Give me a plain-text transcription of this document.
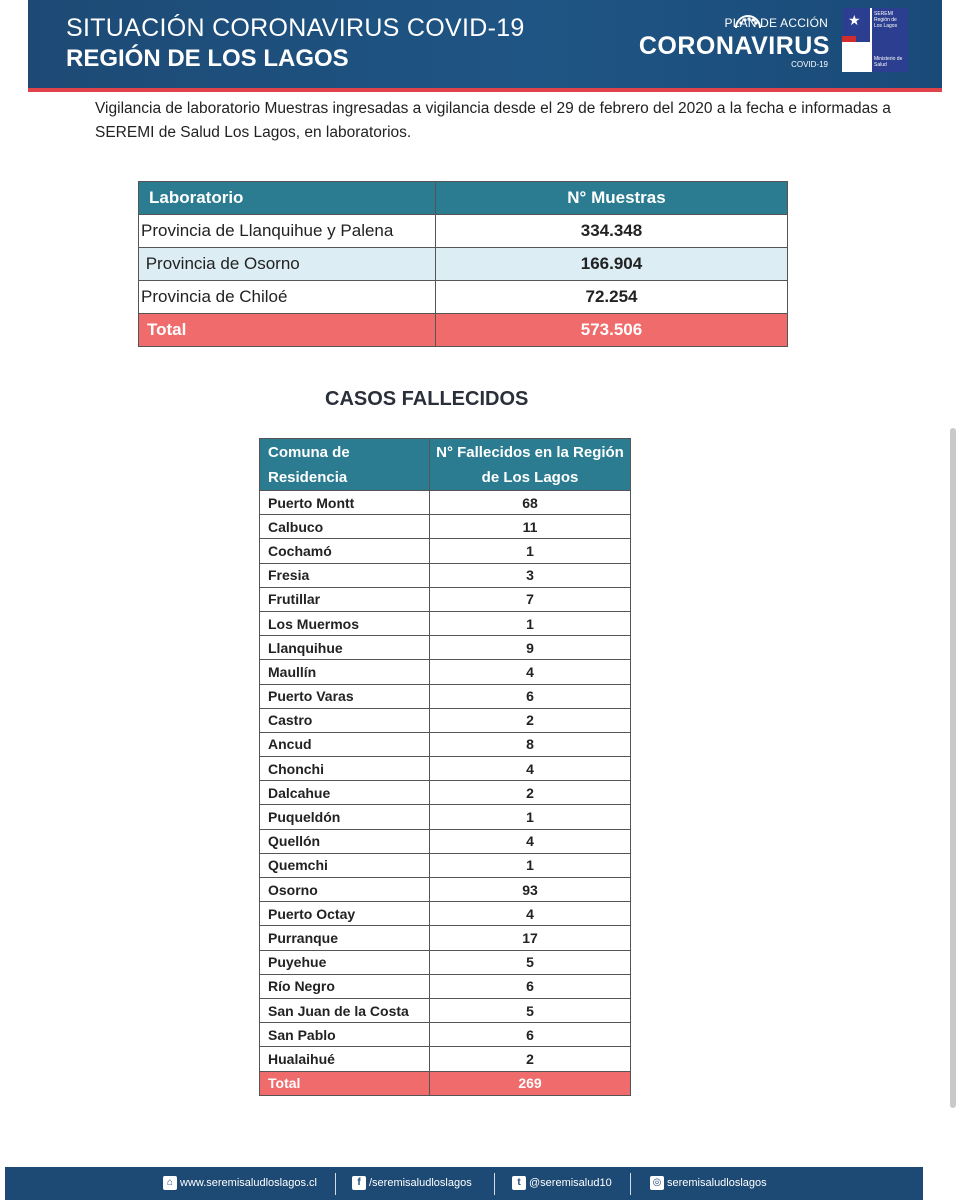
SITUACIÓN CORONAVIRUS COVID-19
REGIÓN DE LOS LAGOS
PLAN DE ACCIÓN
CORONAVIRUS
COVID-19
★	SEREMI Región de Los Lagos
Ministerio de Salud

Vigilancia de laboratorio Muestras ingresadas a vigilancia desde el 29 de febrero del 2020 a la fecha e informadas a SEREMI de Salud Los Lagos, en laboratorios.

Laboratorio	N° Muestras
Provincia de Llanquihue y Palena	334.348
Provincia de Osorno	166.904
Provincia de Chiloé	72.254
Total	573.506
CASOS FALLECIDOS
Comuna de Residencia	N° Fallecidos en la Región de Los Lagos
Puerto Montt	68
Calbuco	11
Cochamó	1
Fresia	3
Frutillar	7
Los Muermos	1
Llanquihue	9
Maullín	4
Puerto Varas	6
Castro	2
Ancud	8
Chonchi	4
Dalcahue	2
Puqueldón	1
Quellón	4
Quemchi	1
Osorno	93
Puerto Octay	4
Purranque	17
Puyehue	5
Río Negro	6
San Juan de la Costa	5
San Pablo	6
Hualaihué	2
Total	269
⌂ www.seremisaludloslagos.cl	f /seremisaludloslagos	t @seremisalud10	◎ seremisaludloslagos
